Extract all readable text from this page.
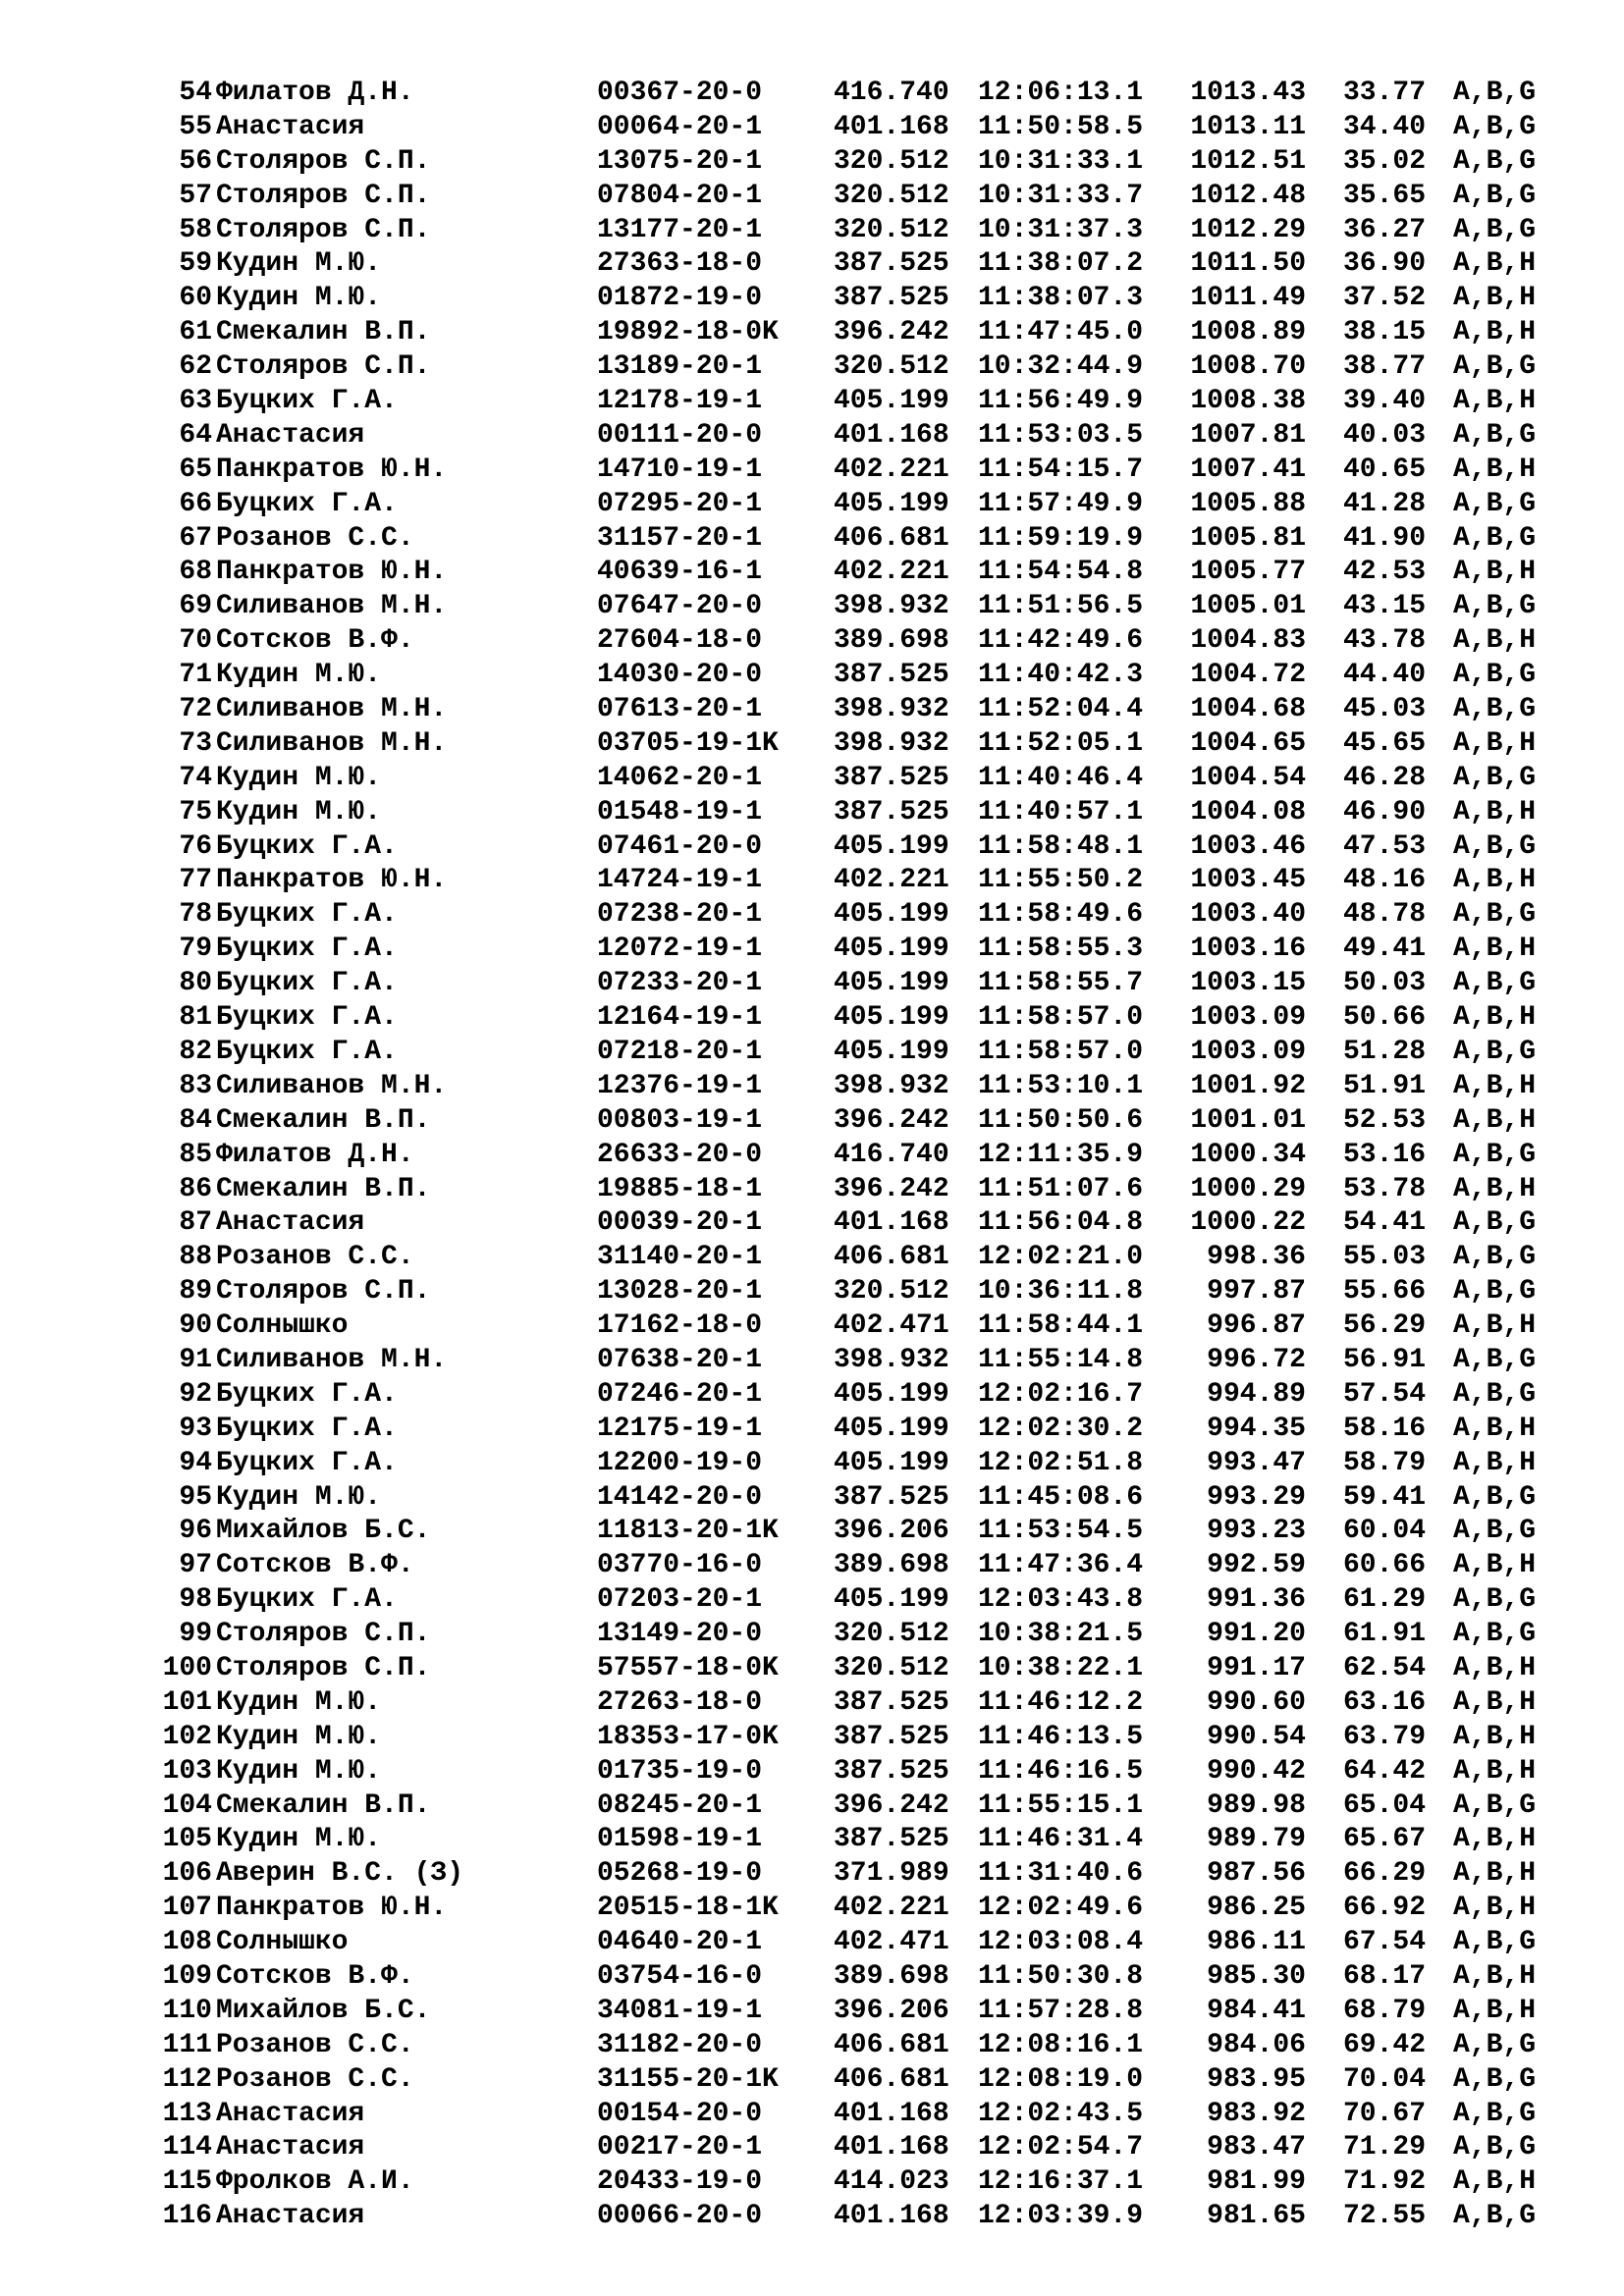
54 Филатов Д.Н.	00367-20-0	416.740 12:06:13.1	1013.43 33.77 A,B,G
55 Анастасия	00064-20-1	401.168 11:50:58.5	1013.11 34.40 A,B,G
56 Столяров С.П.	13075-20-1	320.512 10:31:33.1	1012.51 35.02 A,B,G
57 Столяров С.П.	07804-20-1	320.512 10:31:33.7	1012.48 35.65 A,B,G
58 Столяров С.П.	13177-20-1	320.512 10:31:37.3	1012.29 36.27 A,B,G
59 Кудин М.Ю.	27363-18-0	387.525 11:38:07.2	1011.50 36.90 A,B,H
60 Кудин М.Ю.	01872-19-0	387.525 11:38:07.3	1011.49 37.52 A,B,H
61 Смекалин В.П.	19892-18-0K 396.242 11:47:45.0	1008.89 38.15 A,B,H
62 Столяров С.П.	13189-20-1	320.512 10:32:44.9	1008.70 38.77 A,B,G
63 Буцких Г.А.	12178-19-1	405.199 11:56:49.9	1008.38 39.40 A,B,H
64 Анастасия	00111-20-0	401.168 11:53:03.5	1007.81 40.03 A,B,G
65 Панкратов Ю.Н.	14710-19-1	402.221 11:54:15.7	1007.41 40.65 A,B,H
66 Буцких Г.А.	07295-20-1	405.199 11:57:49.9	1005.88 41.28 A,B,G
67 Розанов С.С.	31157-20-1	406.681 11:59:19.9	1005.81 41.90 A,B,G
68 Панкратов Ю.Н.	40639-16-1	402.221 11:54:54.8	1005.77 42.53 A,B,H
69 Силиванов М.Н.	07647-20-0	398.932 11:51:56.5	1005.01 43.15 A,B,G
70 Сотсков В.Ф.	27604-18-0	389.698 11:42:49.6	1004.83 43.78 A,B,H
71 Кудин М.Ю.	14030-20-0	387.525 11:40:42.3	1004.72 44.40 A,B,G
72 Силиванов М.Н.	07613-20-1	398.932 11:52:04.4	1004.68 45.03 A,B,G
73 Силиванов М.Н.	03705-19-1K 398.932 11:52:05.1	1004.65 45.65 A,B,H
74 Кудин М.Ю.	14062-20-1	387.525 11:40:46.4	1004.54 46.28 A,B,G
75 Кудин М.Ю.	01548-19-1	387.525 11:40:57.1	1004.08 46.90 A,B,H
76 Буцких Г.А.	07461-20-0	405.199 11:58:48.1	1003.46 47.53 A,B,G
77 Панкратов Ю.Н.	14724-19-1	402.221 11:55:50.2	1003.45 48.16 A,B,H
78 Буцких Г.А.	07238-20-1	405.199 11:58:49.6	1003.40 48.78 A,B,G
79 Буцких Г.А.	12072-19-1	405.199 11:58:55.3	1003.16 49.41 A,B,H
80 Буцких Г.А.	07233-20-1	405.199 11:58:55.7	1003.15 50.03 A,B,G
81 Буцких Г.А.	12164-19-1	405.199 11:58:57.0	1003.09 50.66 A,B,H
82 Буцких Г.А.	07218-20-1	405.199 11:58:57.0	1003.09 51.28 A,B,G
83 Силиванов М.Н.	12376-19-1	398.932 11:53:10.1	1001.92 51.91 A,B,H
84 Смекалин В.П.	00803-19-1	396.242 11:50:50.6	1001.01 52.53 A,B,H
85 Филатов Д.Н.	26633-20-0	416.740 12:11:35.9	1000.34 53.16 A,B,G
86 Смекалин В.П.	19885-18-1	396.242 11:51:07.6	1000.29 53.78 A,B,H
87 Анастасия	00039-20-1	401.168 11:56:04.8	1000.22 54.41 A,B,G
88 Розанов С.С.	31140-20-1	406.681 12:02:21.0	998.36 55.03 A,B,G
89 Столяров С.П.	13028-20-1	320.512 10:36:11.8	997.87 55.66 A,B,G
90 Солнышко	17162-18-0	402.471 11:58:44.1	996.87 56.29 A,B,H
91 Силиванов М.Н.	07638-20-1	398.932 11:55:14.8	996.72 56.91 A,B,G
92 Буцких Г.А.	07246-20-1	405.199 12:02:16.7	994.89 57.54 A,B,G
93 Буцких Г.А.	12175-19-1	405.199 12:02:30.2	994.35 58.16 A,B,H
94 Буцких Г.А.	12200-19-0	405.199 12:02:51.8	993.47 58.79 A,B,H
95 Кудин М.Ю.	14142-20-0	387.525 11:45:08.6	993.29 59.41 A,B,G
96 Михайлов Б.С.	11813-20-1K 396.206 11:53:54.5	993.23 60.04 A,B,G
97 Сотсков В.Ф.	03770-16-0	389.698 11:47:36.4	992.59 60.66 A,B,H
98 Буцких Г.А.	07203-20-1	405.199 12:03:43.8	991.36 61.29 A,B,G
99 Столяров С.П.	13149-20-0	320.512 10:38:21.5	991.20 61.91 A,B,G
100 Столяров С.П.	57557-18-0K 320.512 10:38:22.1	991.17 62.54 A,B,H
101 Кудин М.Ю.	27263-18-0	387.525 11:46:12.2	990.60 63.16 A,B,H
102 Кудин М.Ю.	18353-17-0K 387.525 11:46:13.5	990.54 63.79 A,B,H
103 Кудин М.Ю.	01735-19-0	387.525 11:46:16.5	990.42 64.42 A,B,H
104 Смекалин В.П.	08245-20-1	396.242 11:55:15.1	989.98 65.04 A,B,G
105 Кудин М.Ю.	01598-19-1	387.525 11:46:31.4	989.79 65.67 A,B,H
106 Аверин В.С. (З)	05268-19-0	371.989 11:31:40.6	987.56 66.29 A,B,H
107 Панкратов Ю.Н.	20515-18-1K 402.221 12:02:49.6	986.25 66.92 A,B,H
108 Солнышко	04640-20-1	402.471 12:03:08.4	986.11 67.54 A,B,G
109 Сотсков В.Ф.	03754-16-0	389.698 11:50:30.8	985.30 68.17 A,B,H
110 Михайлов Б.С.	34081-19-1	396.206 11:57:28.8	984.41 68.79 A,B,H
111 Розанов С.С.	31182-20-0	406.681 12:08:16.1	984.06 69.42 A,B,G
112 Розанов С.С.	31155-20-1K 406.681 12:08:19.0	983.95 70.04 A,B,G
113 Анастасия	00154-20-0	401.168 12:02:43.5	983.92 70.67 A,B,G
114 Анастасия	00217-20-1	401.168 12:02:54.7	983.47 71.29 A,B,G
115 Фролков А.И.	20433-19-0	414.023 12:16:37.1	981.99 71.92 A,B,H
116 Анастасия	00066-20-0	401.168 12:03:39.9	981.65 72.55 A,B,G
